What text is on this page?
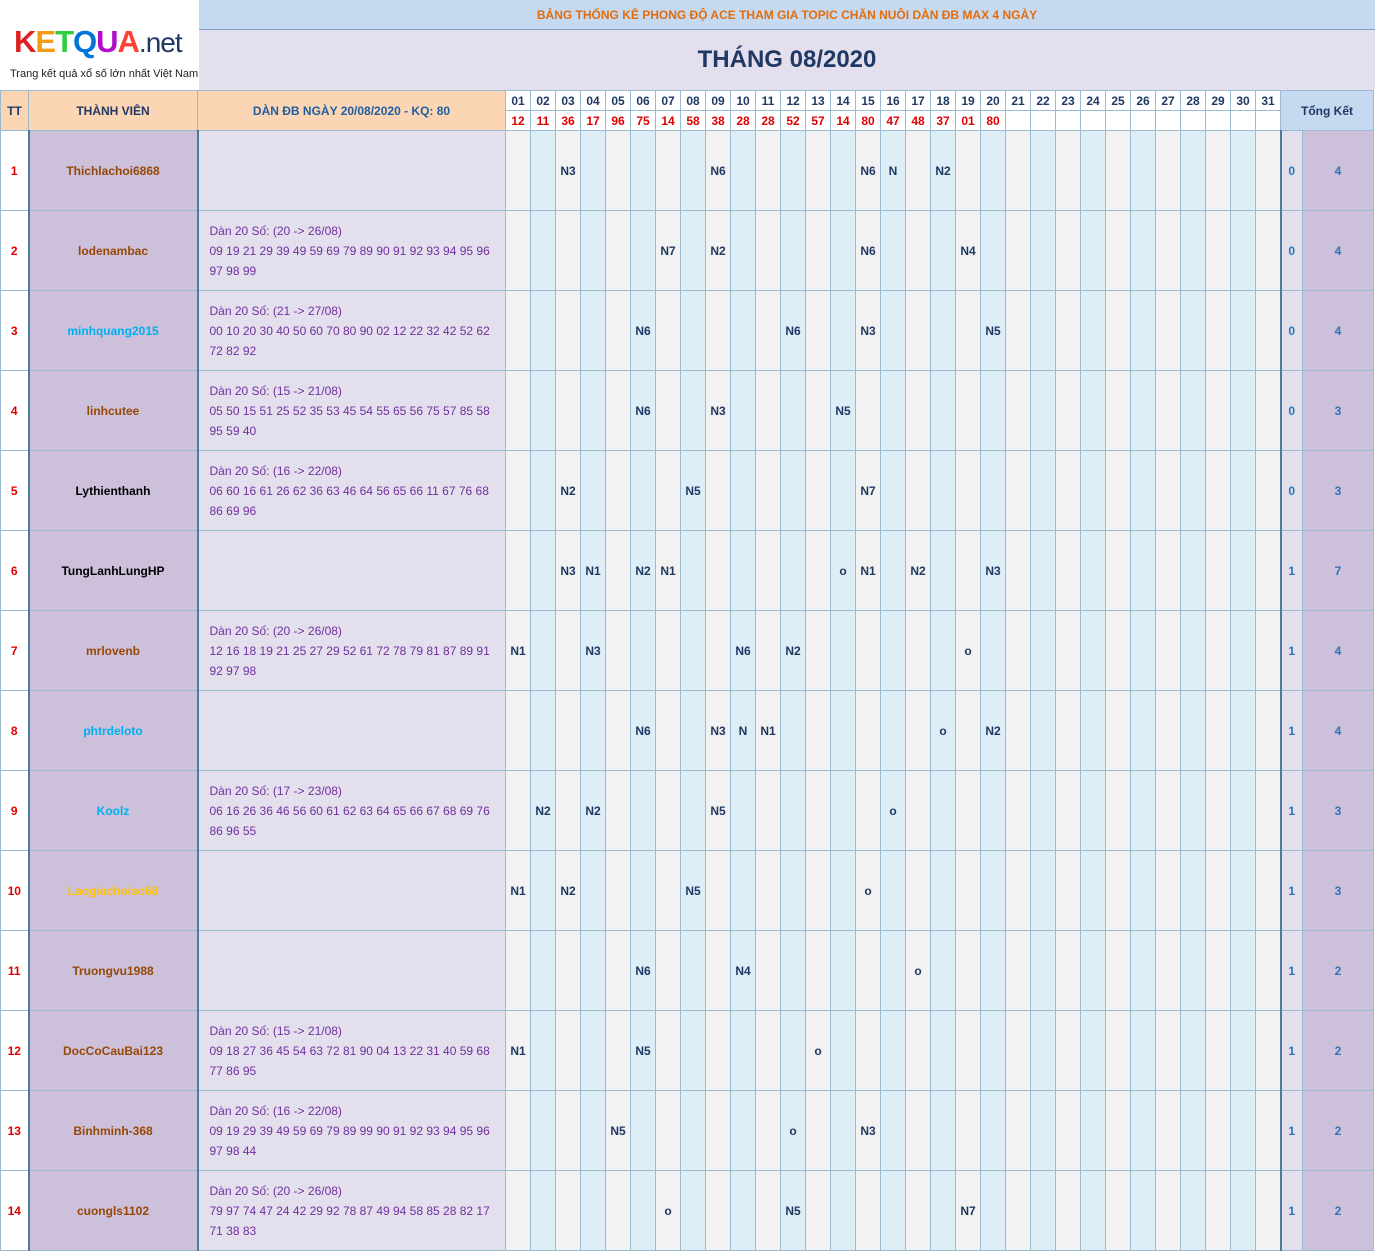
KETQUA.net
Trang kết quả xổ số lớn nhất Việt Nam
BẢNG THỐNG KÊ PHONG ĐỘ ACE THAM GIA TOPIC CHĂN NUÔI DÀN ĐB MAX 4 NGÀY
THÁNG 08/2020
TT	THÀNH VIÊN	DÀN ĐB NGÀY 20/08/2020 - KQ: 80	01	02	03	04	05	06	07	08	09	10	11	12	13	14	15	16	17	18	19	20	21	22	23	24	25	26	27	28	29	30	31	Tổng Kết	
			12	11	36	17	96	75	14	58	38	28	28	52	57	14	80	47	48	37	01	80													
1	Thichlachoi6868				N3						N6						N6	N		N2														0	4
2	lodenambac	Dàn 20 Số: (20 -> 26/08)
09 19 21 29 39 49 59 69 79 89 90 91 92 93 94 95 96
97 98 99							N7		N2						N6				N4													0	4
3	minhquang2015	Dàn 20 Số: (21 -> 27/08)
00 10 20 30 40 50 60 70 80 90 02 12 22 32 42 52 62
72 82 92						N6						N6			N3					N5												0	4
4	linhcutee	Dàn 20 Số: (15 -> 21/08)
05 50 15 51 25 52 35 53 45 54 55 65 56 75 57 85 58
95 59 40						N6			N3					N5																		0	3
5	Lythienthanh	Dàn 20 Số: (16 -> 22/08)
06 60 16 61 26 62 36 63 46 64 56 65 66 11 67 76 68
86 69 96			N2					N5							N7																	0	3
6	TungLanhLungHP				N3	N1		N2	N1							o	N1		N2			N3												1	7
7	mrlovenb	Dàn 20 Số: (20 -> 26/08)
12 16 18 19 21 25 27 29 52 61 72 78 79 81 87 89 91
92 97 98	N1			N3						N6		N2							o													1	4
8	phtrdeloto							N6			N3	N	N1							o		N2												1	4
9	Koolz	Dàn 20 Số: (17 -> 23/08)
06 16 26 36 46 56 60 61 62 63 64 65 66 67 68 69 76
86 96 55		N2		N2					N5							o																1	3
10	Laogiachoiso68		N1		N2					N5							o																	1	3
11	Truongvu1988							N6				N4							o															1	2
12	DocCoCauBai123	Dàn 20 Số: (15 -> 21/08)
09 18 27 36 45 54 63 72 81 90 04 13 22 31 40 59 68
77 86 95	N1					N5							o																			1	2
13	Binhminh-368	Dàn 20 Số: (16 -> 22/08)
09 19 29 39 49 59 69 79 89 99 90 91 92 93 94 95 96
97 98 44					N5							o			N3																	1	2
14	cuongls1102	Dàn 20 Số: (20 -> 26/08)
79 97 74 47 24 42 29 92 78 87 49 94 58 85 28 82 17
71 38 83							o					N5							N7													1	2
